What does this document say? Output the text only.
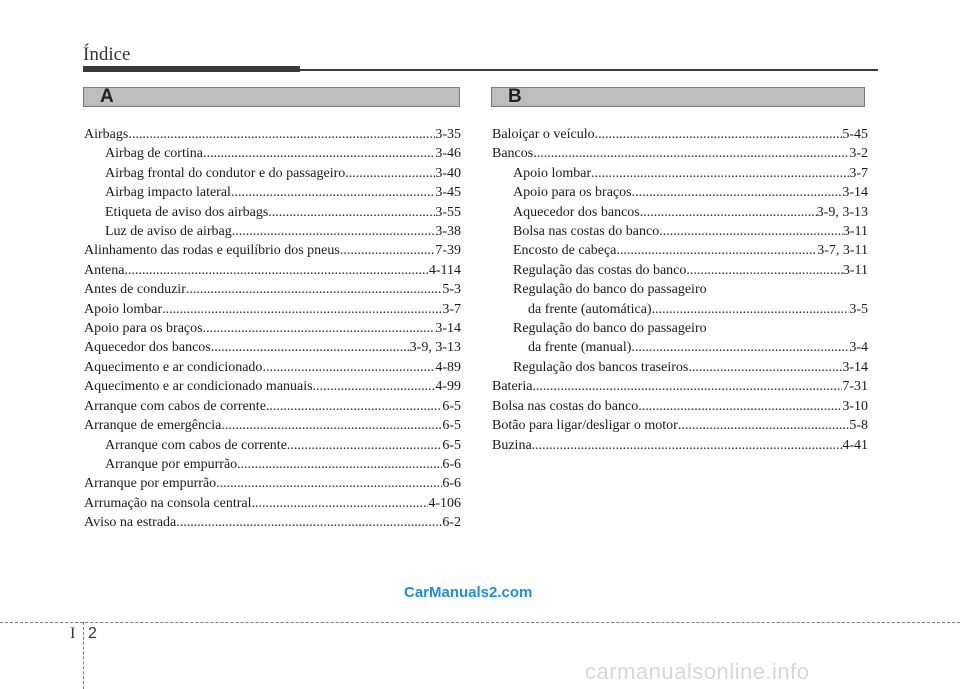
Índice
A	B
Airbags .....	3-35
Airbag de cortina .....	3-46
Airbag frontal do condutor e do passageiro .....	3-40
Airbag impacto lateral .....	3-45
Etiqueta de aviso dos airbags .....	3-55
Luz de aviso de airbag .....	3-38
Alinhamento das rodas e equilíbrio dos pneus .....	7-39
Antena .....	4-114
Antes de conduzir .....	5-3
Apoio lombar .....	3-7
Apoio para os braços .....	3-14
Aquecedor dos bancos .....	3-9, 3-13
Aquecimento e ar condicionado .....	4-89
Aquecimento e ar condicionado manuais .....	4-99
Arranque com cabos de corrente .....	6-5
Arranque de emergência .....	6-5
Arranque com cabos de corrente .....	6-5
Arranque por empurrão .....	6-6
Arranque por empurrão .....	6-6
Arrumação na consola central .....	4-106
Aviso na estrada .....	6-2
Baloiçar o veículo .....	5-45
Bancos .....	3-2
Apoio lombar .....	3-7
Apoio para os braços .....	3-14
Aquecedor dos bancos .....	3-9, 3-13
Bolsa nas costas do banco .....	3-11
Encosto de cabeça .....	3-7, 3-11
Regulação das costas do banco .....	3-11
Regulação do banco do passageiro
da frente (automática) .....	3-5
Regulação do banco do passageiro
da frente (manual) .....	3-4
Regulação dos bancos traseiros .....	3-14
Bateria .....	7-31
Bolsa nas costas do banco .....	3-10
Botão para ligar/desligar o motor .....	5-8
Buzina .....	4-41
CarManuals2.com
I 2
carmanualsonline.info
